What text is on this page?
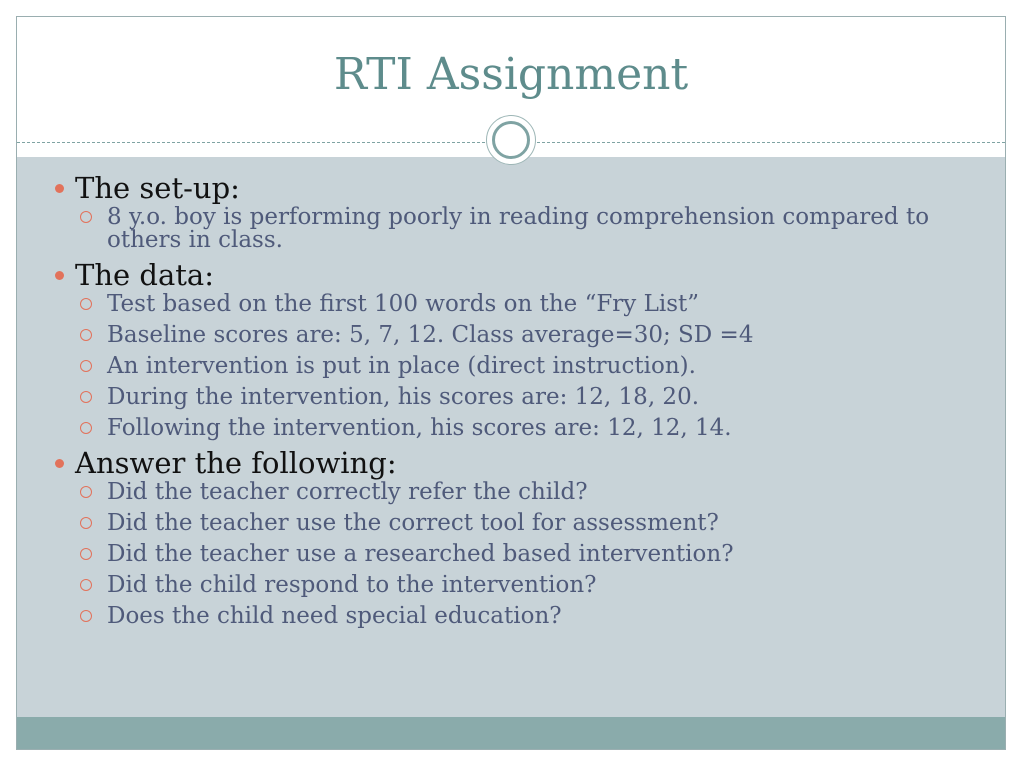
RTI Assignment

The set-up:

8 y.o. boy is performing poorly in reading comprehension compared to others in class.

The data:

Test based on the first 100 words on the “Fry List”

Baseline scores are: 5, 7, 12. Class average=30; SD =4

An intervention is put in place (direct instruction).

During the intervention, his scores are: 12, 18, 20.

Following the intervention, his scores are: 12, 12, 14.

Answer the following:

Did the teacher correctly refer the child?

Did the teacher use the correct tool for assessment?

Did the teacher use a researched based intervention?

Did the child respond to the intervention?

Does the child need special education?
